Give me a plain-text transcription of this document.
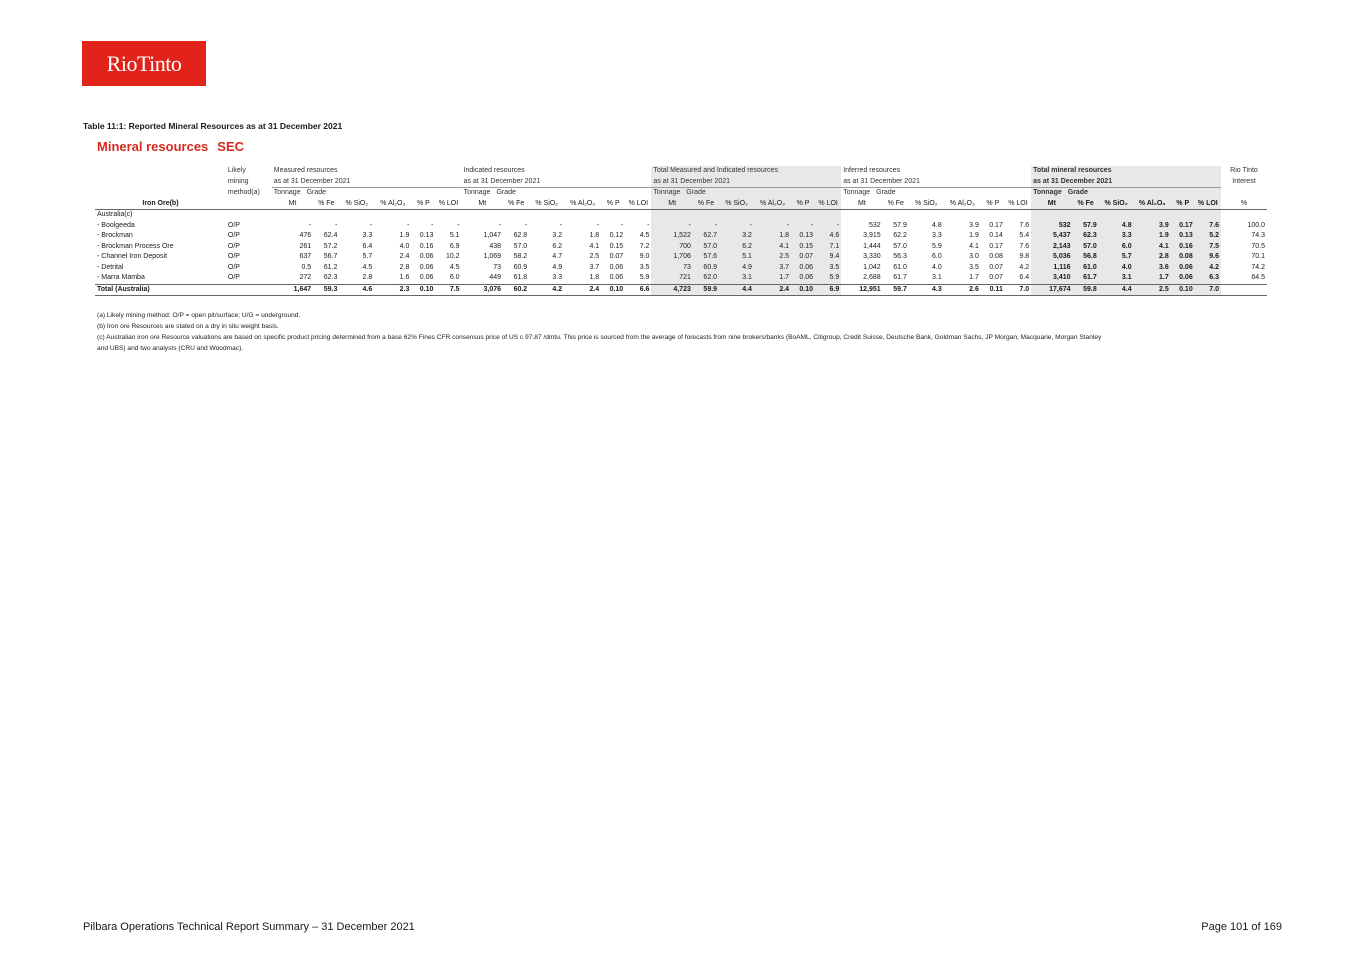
RioTinto
Table 11:1: Reported Mineral Resources as at 31 December 2021
Mineral resources SEC
	Likely	Measured resources						Indicated resources						Total Measured and Indicated resources						Inferred resources						Total mineral resources						Rio Tinto
	mining	as at 31 December 2021						as at 31 December 2021						as at 31 December 2021						as at 31 December 2021						as at 31 December 2021						Interest
	method(a)	Tonnage Grade						Tonnage Grade						Tonnage Grade						Tonnage Grade						Tonnage Grade						
Iron Ore(b)		Mt	% Fe	% SiO₂	% Al₂O₃	% P	% LOI	Mt	% Fe	% SiO₂	% Al₂O₃	% P	% LOI	Mt	% Fe	% SiO₂	% Al₂O₃	% P	% LOI	Mt	% Fe	% SiO₂	% Al₂O₃	% P	% LOI	Mt	% Fe	% SiO₂	% Al₂O₃	% P	% LOI	%
Australia(c)																																
- Boolgeeda	O/P	-	-	-	-	-	-	-	-	-	-	-	-	-	-	-	-	-	-	532	57.9	4.8	3.9	0.17	7.6	532	57.9	4.8	3.9	0.17	7.6	100.0
- Brockman	O/P	476	62.4	3.3	1.9	0.13	5.1	1,047	62.8	3.2	1.8	0.12	4.5	1,522	62.7	3.2	1.8	0.13	4.6	3,915	62.2	3.3	1.9	0.14	5.4	5,437	62.3	3.3	1.9	0.13	5.2	74.3
- Brockman Process Ore	O/P	261	57.2	6.4	4.0	0.16	6.9	438	57.0	6.2	4.1	0.15	7.2	700	57.0	6.2	4.1	0.15	7.1	1,444	57.0	5.9	4.1	0.17	7.6	2,143	57.0	6.0	4.1	0.16	7.5	70.5
- Channel Iron Deposit	O/P	637	56.7	5.7	2.4	0.06	10.2	1,069	58.2	4.7	2.5	0.07	9.0	1,706	57.6	5.1	2.5	0.07	9.4	3,330	56.3	6.0	3.0	0.08	9.8	5,036	56.8	5.7	2.8	0.08	9.6	70.1
- Detrital	O/P	0.5	61.2	4.5	2.8	0.06	4.5	73	60.9	4.9	3.7	0.06	3.5	73	60.9	4.9	3.7	0.06	3.5	1,042	61.0	4.0	3.5	0.07	4.2	1,116	61.0	4.0	3.6	0.06	4.2	74.2
- Marra Mamba	O/P	272	62.3	2.8	1.6	0.06	6.0	449	61.8	3.3	1.8	0.06	5.9	721	62.0	3.1	1.7	0.06	5.9	2,688	61.7	3.1	1.7	0.07	6.4	3,410	61.7	3.1	1.7	0.06	6.3	64.5
Total (Australia)		1,647	59.3	4.6	2.3	0.10	7.5	3,076	60.2	4.2	2.4	0.10	6.6	4,723	59.9	4.4	2.4	0.10	6.9	12,951	59.7	4.3	2.6	0.11	7.0	17,674	59.8	4.4	2.5	0.10	7.0	
(a) Likely mining method: O/P = open pit/surface; U/G = underground.
(b) Iron ore Resources are stated on a dry in situ weight basis.
(c) Australian iron ore Resource valuations are based on specific product pricing determined from a base 62% Fines CFR consensus price of US c 97.87 /dmtu. This price is sourced from the average of forecasts from nine brokers/banks (BoAML, Citigroup, Credit Suisse, Deutsche Bank, Goldman Sachs, JP Morgan, Macquarie, Morgan Stanley
and UBS) and two analysts (CRU and Woodmac).
Pilbara Operations Technical Report Summary – 31 December 2021	Page 101 of 169
